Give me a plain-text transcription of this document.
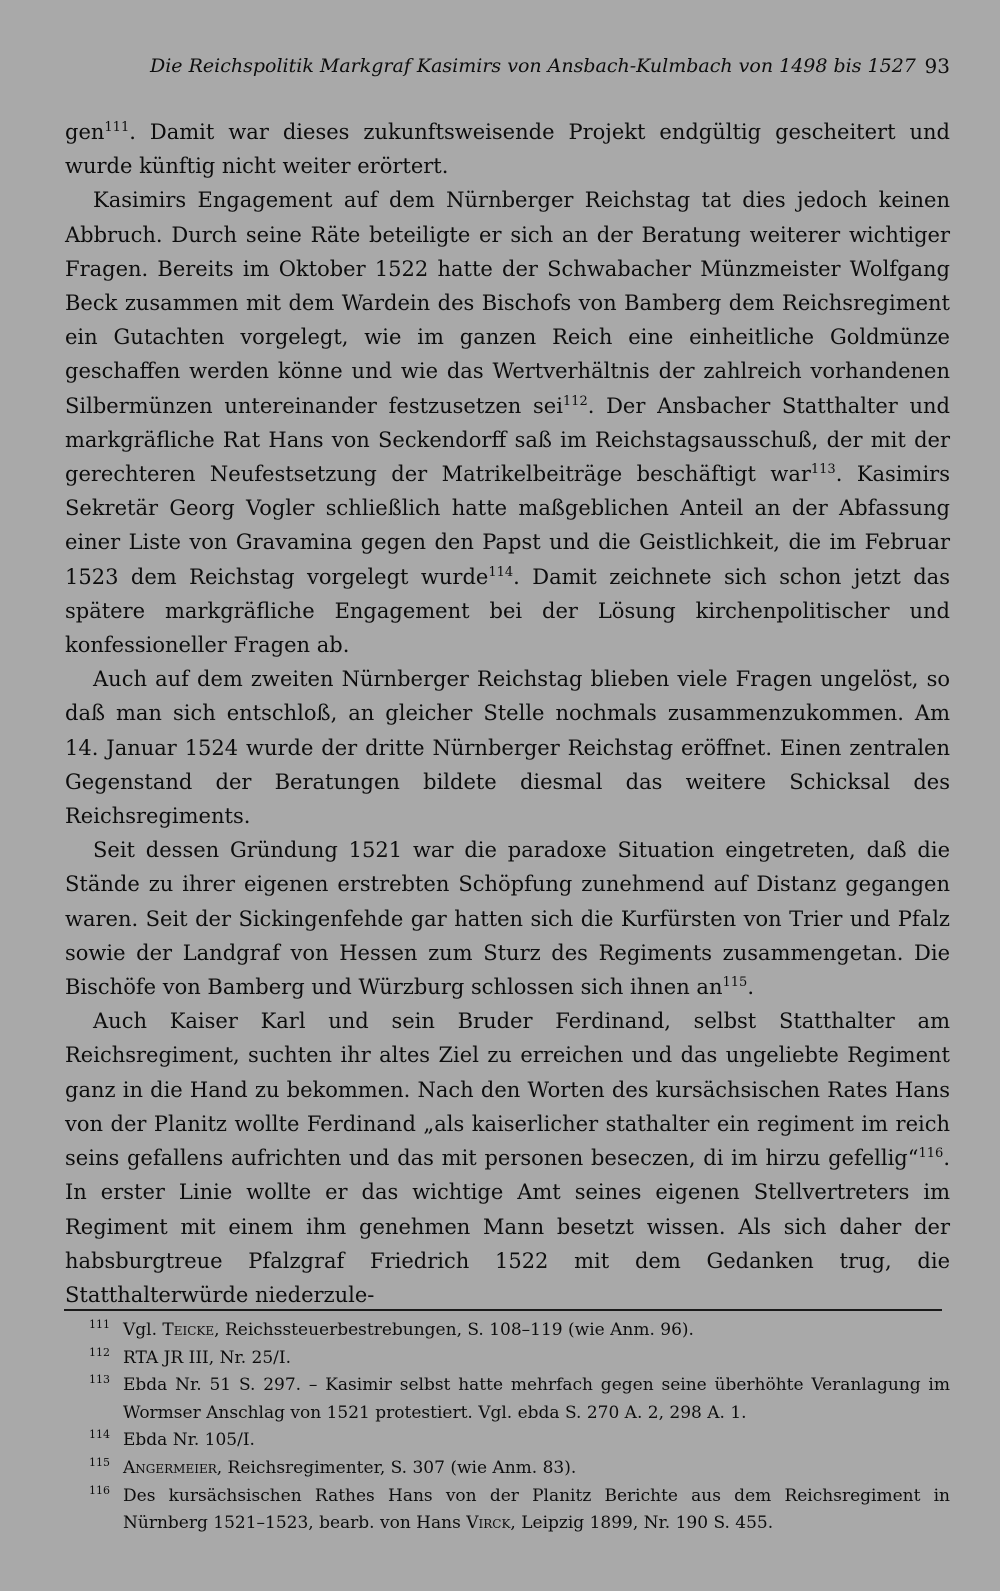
Die Reichspolitik Markgraf Kasimirs von Ansbach-Kulmbach von 1498 bis 1527 93

gen$^{111}$. Damit war dieses zukunftsweisende Projekt endgültig gescheitert und wurde künftig nicht weiter erörtert.

Kasimirs Engagement auf dem Nürnberger Reichstag tat dies jedoch keinen Abbruch. Durch seine Räte beteiligte er sich an der Beratung weiterer wichtiger Fragen. Bereits im Oktober 1522 hatte der Schwabacher Münzmeister Wolfgang Beck zusammen mit dem Wardein des Bischofs von Bamberg dem Reichsregiment ein Gutachten vorgelegt, wie im ganzen Reich eine einheitliche Goldmünze geschaffen werden könne und wie das Wertverhältnis der zahlreich vorhandenen Silbermünzen untereinander festzusetzen sei$^{112}$. Der Ansbacher Statthalter und markgräfliche Rat Hans von Seckendorff saß im Reichstagsausschuß, der mit der gerechteren Neufestsetzung der Matrikelbeiträge beschäftigt war$^{113}$. Kasimirs Sekretär Georg Vogler schließlich hatte maßgeblichen Anteil an der Abfassung einer Liste von Gravamina gegen den Papst und die Geistlichkeit, die im Februar 1523 dem Reichstag vorgelegt wurde$^{114}$. Damit zeichnete sich schon jetzt das spätere markgräfliche Engagement bei der Lösung kirchenpolitischer und konfessioneller Fragen ab.

Auch auf dem zweiten Nürnberger Reichstag blieben viele Fragen ungelöst, so daß man sich entschloß, an gleicher Stelle nochmals zusammenzukommen. Am 14. Januar 1524 wurde der dritte Nürnberger Reichstag eröffnet. Einen zentralen Gegenstand der Beratungen bildete diesmal das weitere Schicksal des Reichsregiments.

Seit dessen Gründung 1521 war die paradoxe Situation eingetreten, daß die Stände zu ihrer eigenen erstrebten Schöpfung zunehmend auf Distanz gegangen waren. Seit der Sickingenfehde gar hatten sich die Kurfürsten von Trier und Pfalz sowie der Landgraf von Hessen zum Sturz des Regiments zusammengetan. Die Bischöfe von Bamberg und Würzburg schlossen sich ihnen $an^{115}$.

Auch Kaiser Karl und sein Bruder Ferdinand, selbst Statthalter am Reichsregiment, suchten ihr altes Ziel zu erreichen und das ungeliebte Regiment ganz in die Hand zu bekommen. Nach den Worten des kursächsischen Rates Hans von der Planitz wollte Ferdinand „als kaiserlicher stathalter ein regiment im reich seins gefallens aufrichten und das mit personen beseczen, di im hirzu gefellig“$^{116}$. In erster Linie wollte er das wichtige Amt seines eigenen Stellvertreters im Regiment mit einem ihm genehmen Mann besetzt wissen. Als sich daher der habsburgtreue Pfalzgraf Friedrich 1522 mit dem Gedanken trug, die Statthalterwürde niederzule-

111 Vgl. Teicke, Reichssteuerbestrebungen, S. 108–119 (wie Anm. 96).
112 RTA JR III, Nr. 25/I.
113 Ebda Nr. 51 S. 297. – Kasimir selbst hatte mehrfach gegen seine überhöhte Veranlagung im Wormser Anschlag von 1521 protestiert. Vgl. ebda S. 270 A. 2, 298 A. 1.
114 Ebda Nr. 105/I.
115 Angermeier, Reichsregimenter, S. 307 (wie Anm. 83).
116 Des kursächsischen Rathes Hans von der Planitz Berichte aus dem Reichsregiment in Nürnberg 1521–1523, bearb. von Hans Virck, Leipzig 1899, Nr. 190 S. 455.
